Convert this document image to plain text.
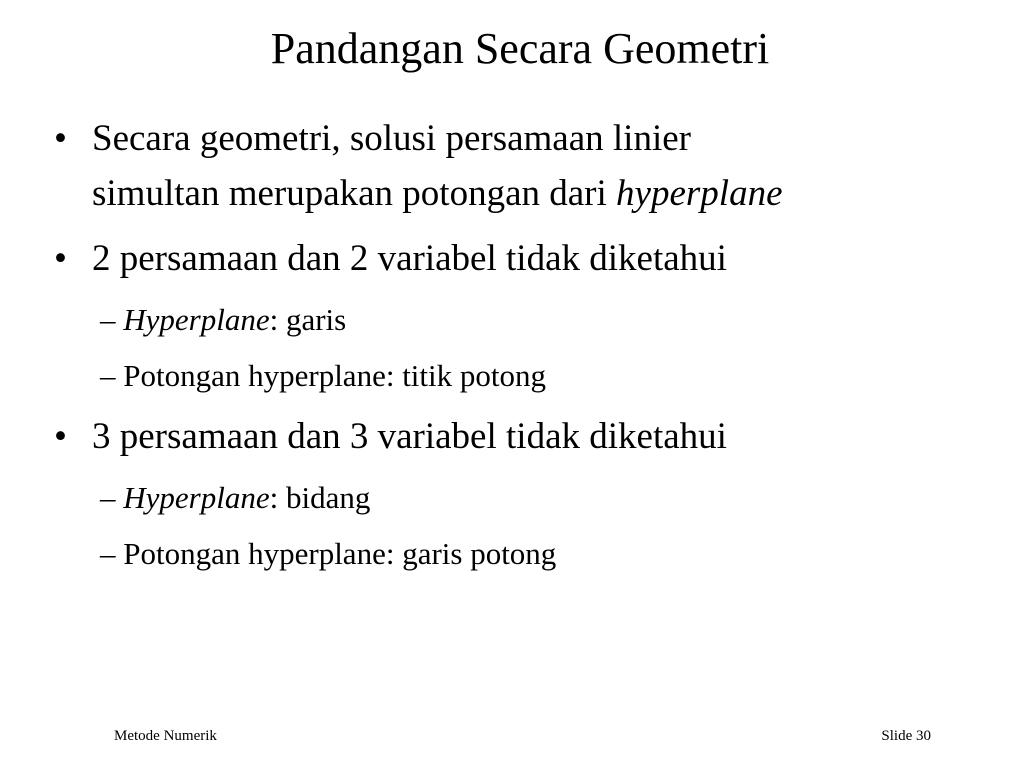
Pandangan Secara Geometri
• Secara geometri, solusi persamaan linier
simultan merupakan potongan dari hyperplane
• 2 persamaan dan 2 variabel tidak diketahui
– Hyperplane: garis
– Potongan hyperplane: titik potong
• 3 persamaan dan 3 variabel tidak diketahui
– Hyperplane: bidang
– Potongan hyperplane: garis potong
Metode Numerik	Slide 30
